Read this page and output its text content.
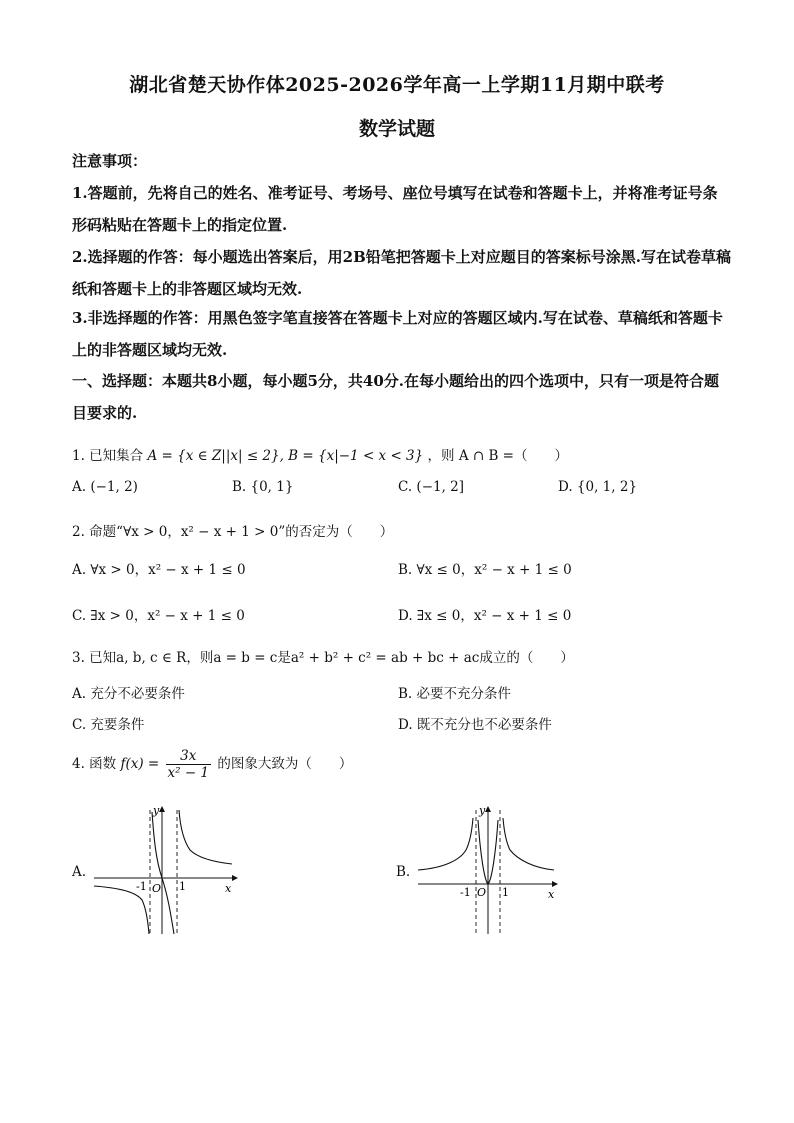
湖北省楚天协作体2025-2026学年高一上学期11月期中联考
数学试题
注意事项：
1.答题前，先将自己的姓名、准考证号、考场号、座位号填写在试卷和答题卡上，并将准考证号条形码粘贴在答题卡上的指定位置.
2.选择题的作答：每小题选出答案后，用2B铅笔把答题卡上对应题目的答案标号涂黑.写在试卷草稿纸和答题卡上的非答题区域均无效.
3.非选择题的作答：用黑色签字笔直接答在答题卡上对应的答题区域内.写在试卷、草稿纸和答题卡上的非答题区域均无效.
一、选择题：本题共8小题，每小题5分，共40分.在每小题给出的四个选项中，只有一项是符合题目要求的.
1. 已知集合 A = {x ∈ Z||x| ≤ 2}, B = {x|−1 < x < 3} ，则 A ∩ B =（　　）
A. (−1, 2)	B. {0, 1}	C. (−1, 2]	D. {0, 1, 2}
2. 命题“∀x > 0，x² − x + 1 > 0”的否定为（　　）
A. ∀x > 0，x² − x + 1 ≤ 0	B. ∀x ≤ 0，x² − x + 1 ≤ 0
C. ∃x > 0，x² − x + 1 ≤ 0	D. ∃x ≤ 0，x² − x + 1 ≤ 0
3. 已知a, b, c ∈ R，则a = b = c是a² + b² + c² = ab + bc + ac成立的（　　）
A. 充分不必要条件	B. 必要不充分条件
C. 充要条件	D. 既不充分也不必要条件
4. 函数 $f(x) = \frac{3x}{\text{x² − 1}}$ 的图象大致为（　　）
A.	B.
-1 O 1	x
y
-1 O 1	x
y
